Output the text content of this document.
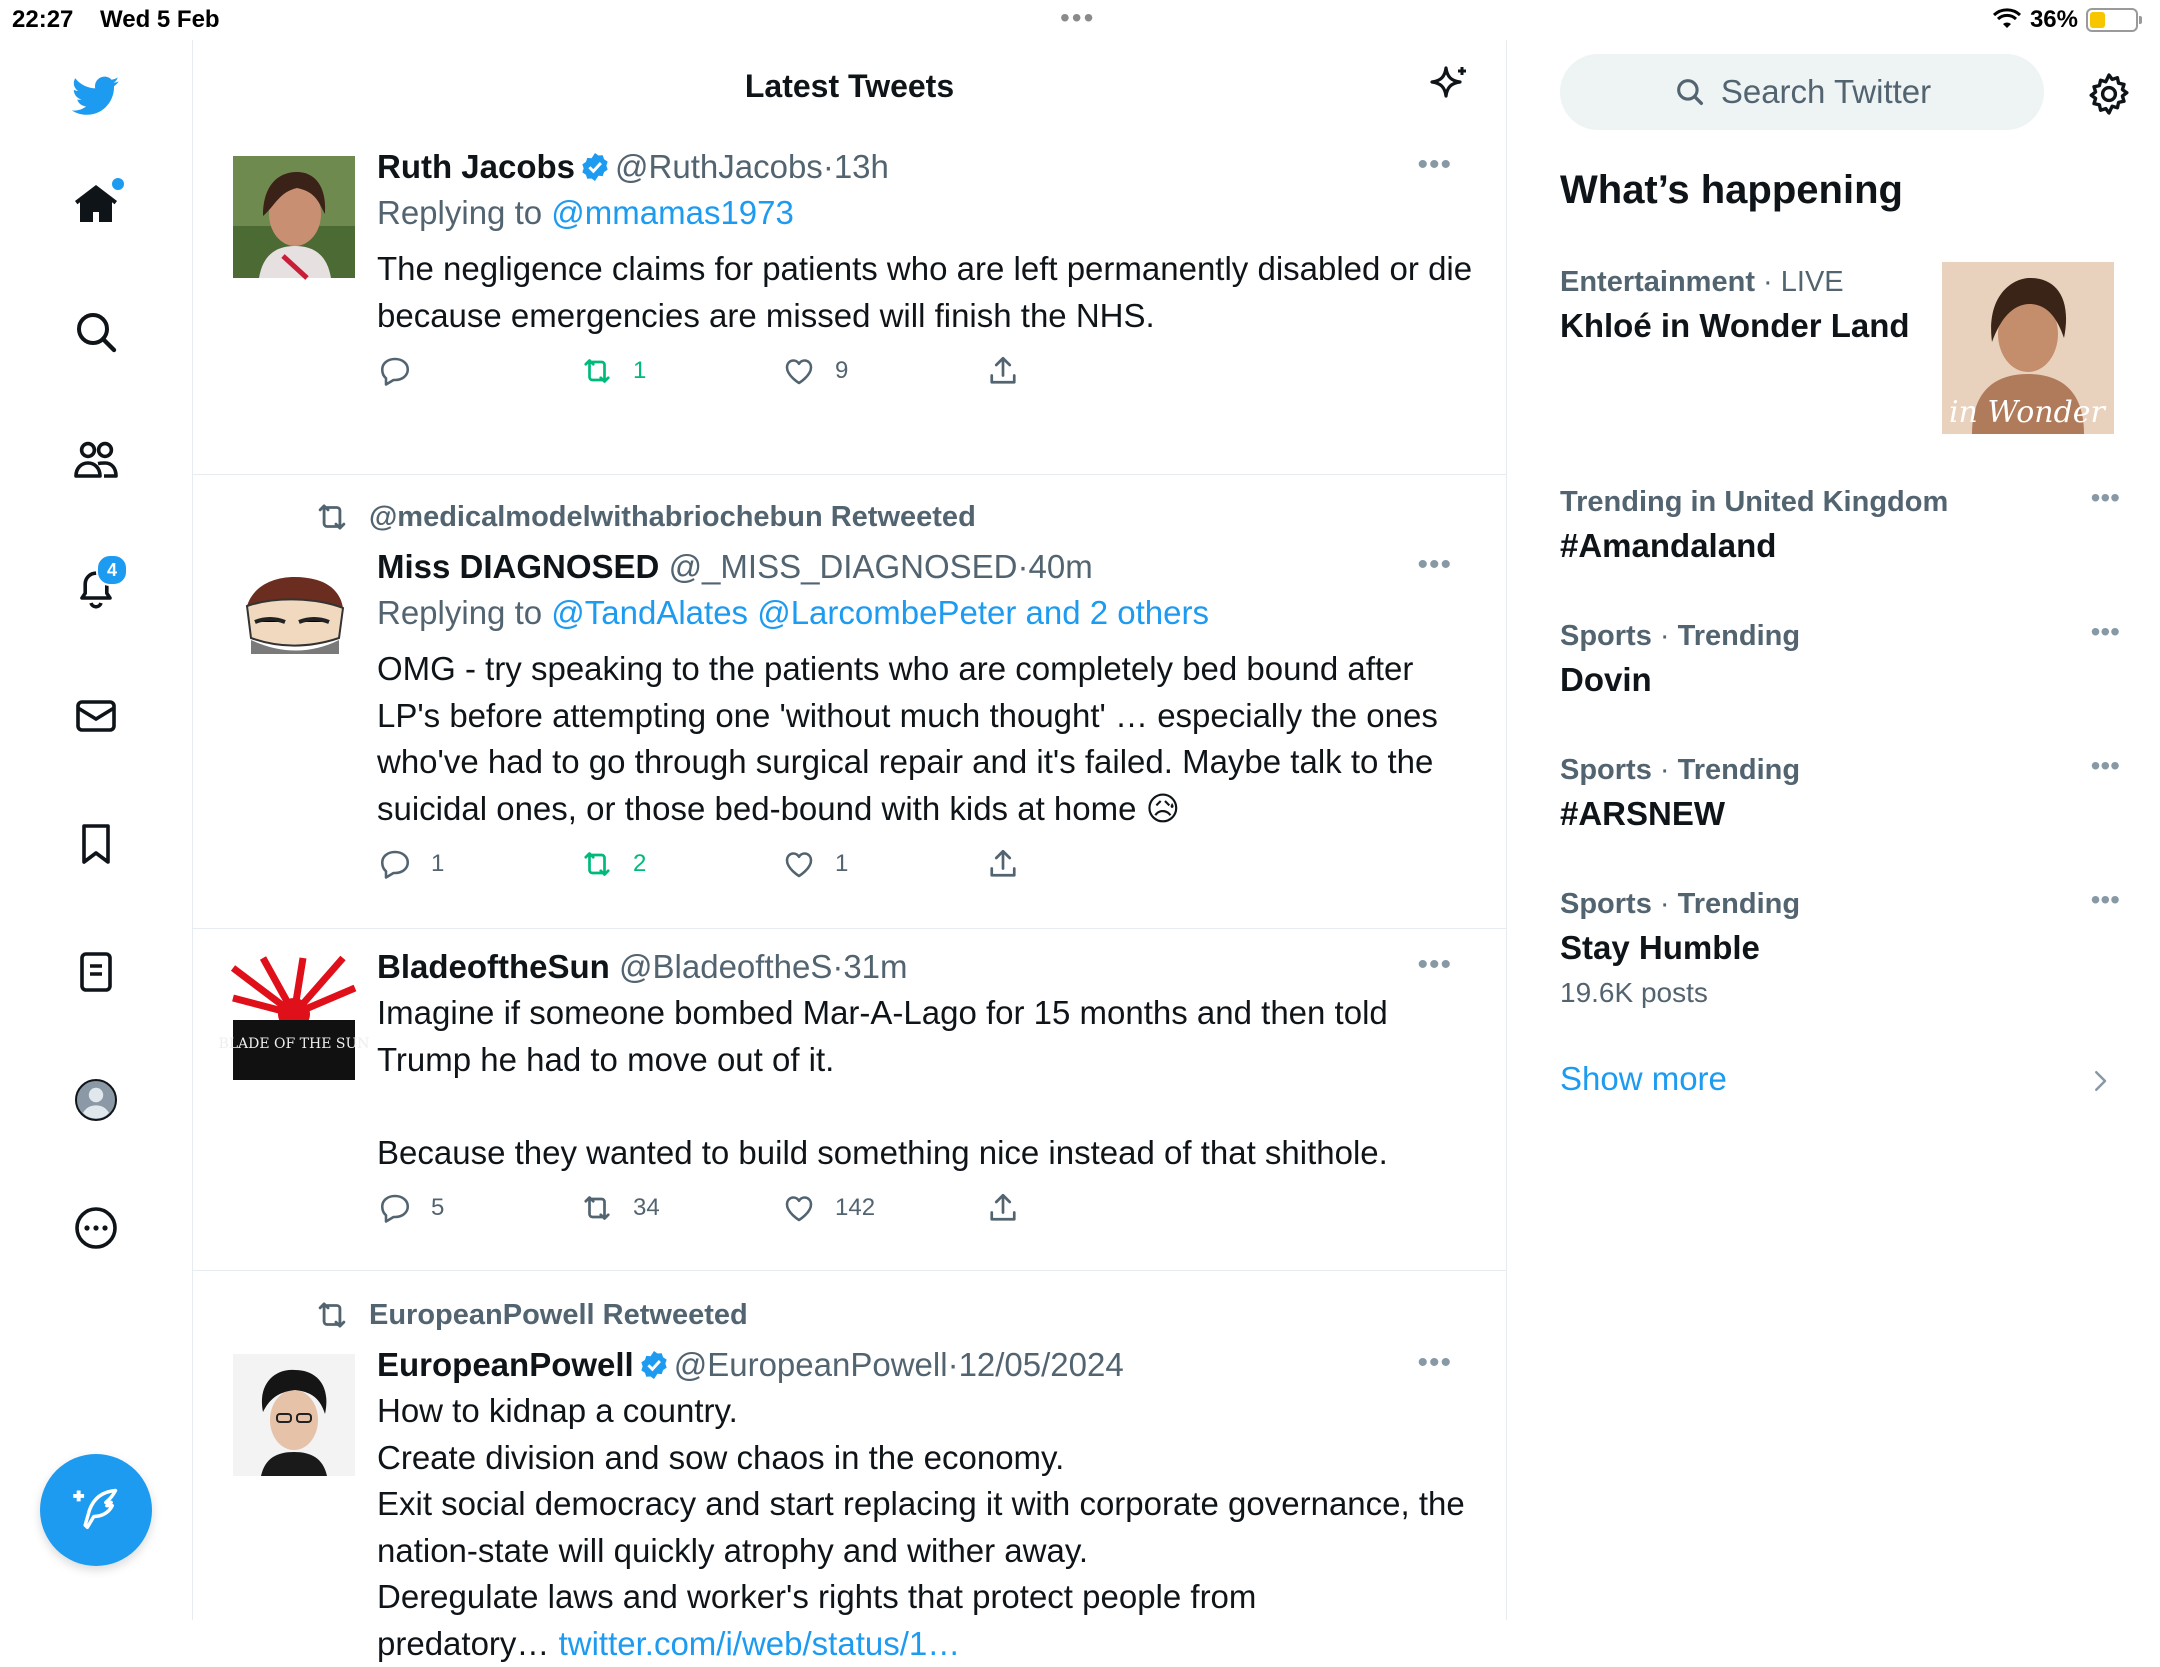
22:27 Wed 5 Feb	•••	36%
4
Latest Tweets
Ruth Jacobs @RuthJacobs·13h	•••
Replying to @mmamas1973
The negligence claims for patients who are left permanently disabled or die because emergencies are missed will finish the NHS.
1	9
@medicalmodelwithabriochebun Retweeted
Miss DIAGNOSED @_MISS_DIAGNOSED·40m	•••
Replying to @TandAlates @LarcombePeter and 2 others
OMG - try speaking to the patients who are completely bed bound after LP's before attempting one 'without much thought' … especially the ones who've had to go through surgical repair and it's failed. Maybe talk to the suicidal ones, or those bed-bound with kids at home 😥
1	2	1
BLADE OF THE SUN
BladeoftheSun @BladeoftheS·31m	•••
Imagine if someone bombed Mar-A-Lago for 15 months and then told Trump he had to move out of it.

Because they wanted to build something nice instead of that shithole.
5	34	142
EuropeanPowell Retweeted
EuropeanPowell @EuropeanPowell·12/05/2024	•••
How to kidnap a country.
Create division and sow chaos in the economy.
Exit social democracy and start replacing it with corporate governance, the nation-state will quickly atrophy and wither away.
Deregulate laws and worker's rights that protect people from
predatory… twitter.com/i/web/status/1…
Search Twitter
What’s happening
Entertainment · LIVE
Khloé in Wonder Land
é in Wonder L
Trending in United Kingdom
#Amandaland
•••
Sports · Trending
Dovin
•••
Sports · Trending
#ARSNEW
•••
Sports · Trending
Stay Humble
19.6K posts
•••
Show more
